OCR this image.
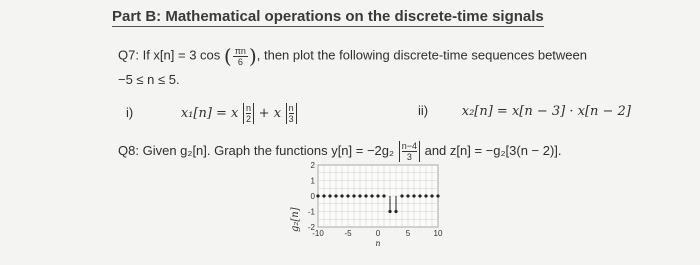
Part B: Mathematical operations on the discrete-time signals
Q7: If x[n] = 3 cos ( $\frac{\pi n}{6}$ ), then plot the following discrete-time sequences between
−5 ≤ n ≤ 5.
i)	x₁[n] = x $\frac{n}{2} + x \frac{n}{3}$	ii)	x₂[n] = x[n − 3] · x[n − 2]
Q8: Given g₂[n]. Graph the functions $y[n] = -2g_2 \frac{n-4}{3}$ and z[n] = −g₂[3(n − 2)].
g₂[n]
2
1
0
-1
-2
-10	-5	0	5	10
n
